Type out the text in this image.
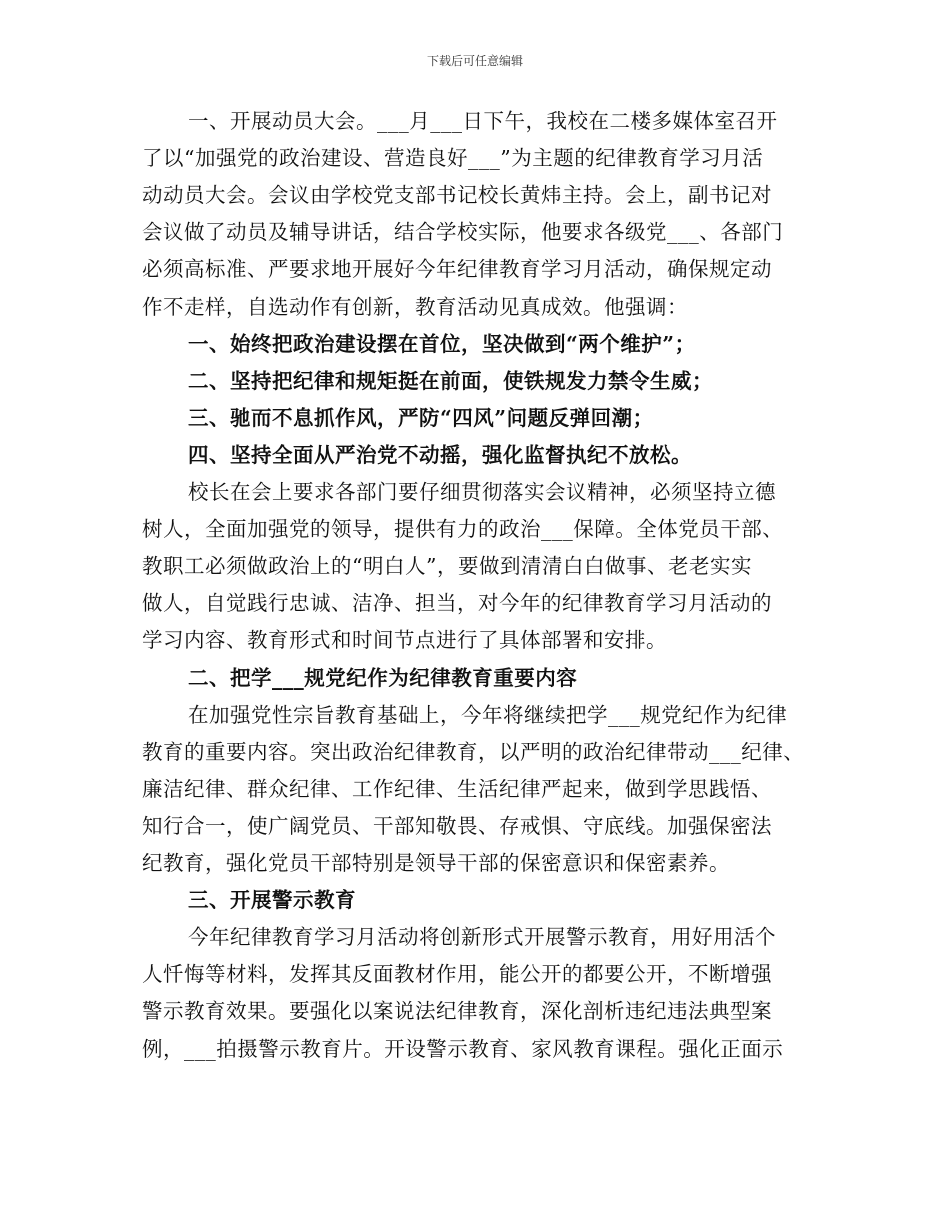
下载后可任意编辑
一、开展动员大会。___月___日下午，我校在二楼多媒体室召开
了以“加强党的政治建设、营造良好___”为主题的纪律教育学习月活
动动员大会。会议由学校党支部书记校长黄炜主持。会上，副书记对
会议做了动员及辅导讲话，结合学校实际，他要求各级党___、各部门
必须高标准、严要求地开展好今年纪律教育学习月活动，确保规定动
作不走样，自选动作有创新，教育活动见真成效。他强调：
一、始终把政治建设摆在首位，坚决做到“两个维护”；
二、坚持把纪律和规矩挺在前面，使铁规发力禁令生威；
三、驰而不息抓作风，严防“四风”问题反弹回潮；
四、坚持全面从严治党不动摇，强化监督执纪不放松。
校长在会上要求各部门要仔细贯彻落实会议精神，必须坚持立德
树人，全面加强党的领导，提供有力的政治___保障。全体党员干部、
教职工必须做政治上的“明白人”，要做到清清白白做事、老老实实
做人，自觉践行忠诚、洁净、担当，对今年的纪律教育学习月活动的
学习内容、教育形式和时间节点进行了具体部署和安排。
二、把学___规党纪作为纪律教育重要内容
在加强党性宗旨教育基础上，今年将继续把学___规党纪作为纪律
教育的重要内容。突出政治纪律教育，以严明的政治纪律带动___纪律、
廉洁纪律、群众纪律、工作纪律、生活纪律严起来，做到学思践悟、
知行合一，使广阔党员、干部知敬畏、存戒惧、守底线。加强保密法
纪教育，强化党员干部特别是领导干部的保密意识和保密素养。
三、开展警示教育
今年纪律教育学习月活动将创新形式开展警示教育，用好用活个
人忏悔等材料，发挥其反面教材作用，能公开的都要公开，不断增强
警示教育效果。要强化以案说法纪律教育，深化剖析违纪违法典型案
例，___拍摄警示教育片。开设警示教育、家风教育课程。强化正面示
